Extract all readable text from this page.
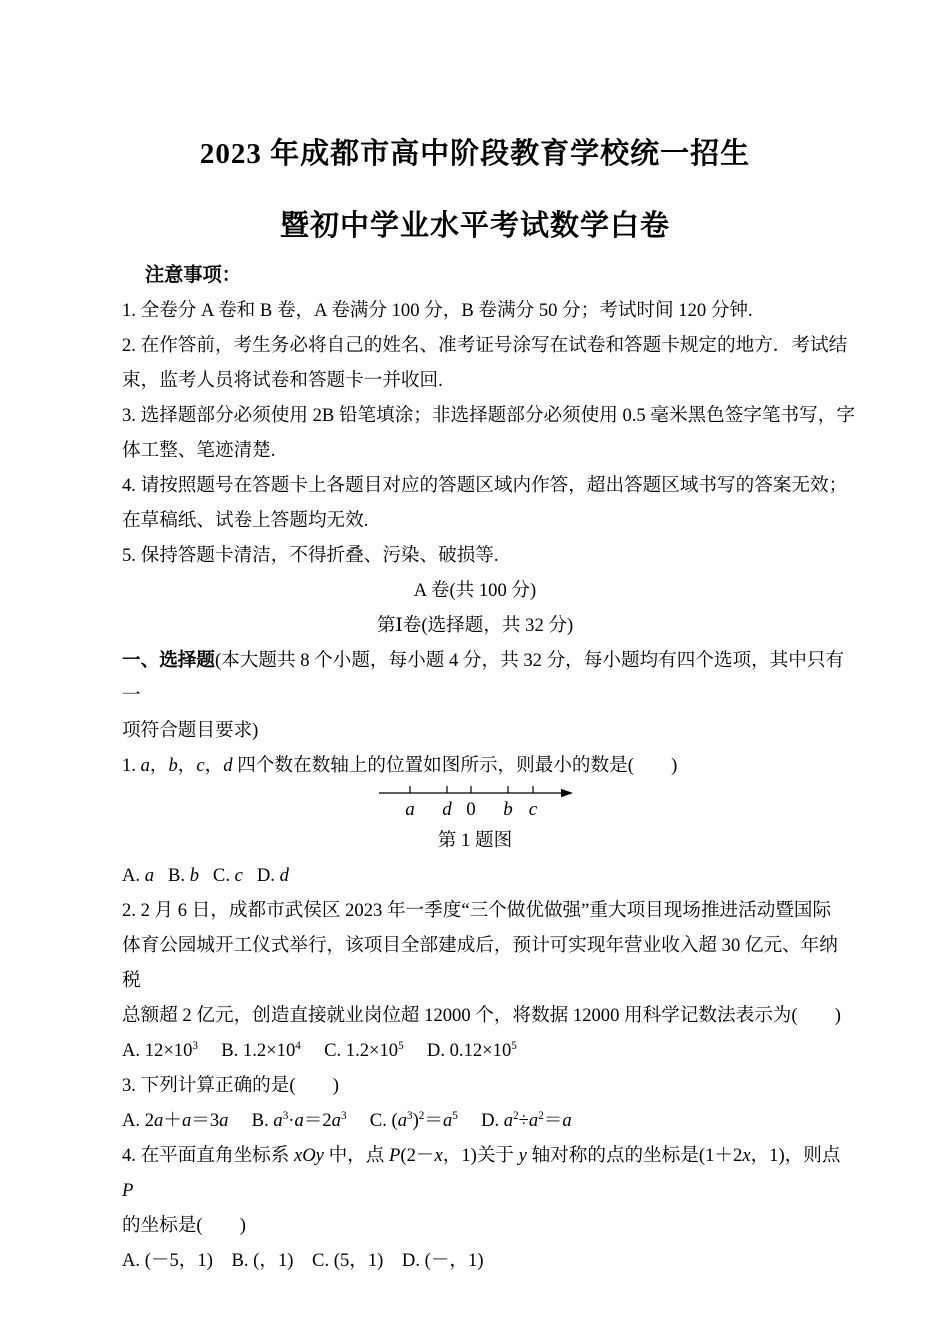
2023 年成都市高中阶段教育学校统一招生
暨初中学业水平考试数学白卷
注意事项：
1. 全卷分 A 卷和 B 卷，A 卷满分 100 分，B 卷满分 50 分；考试时间 120 分钟.
2. 在作答前，考生务必将自己的姓名、准考证号涂写在试卷和答题卡规定的地方．考试结
束，监考人员将试卷和答题卡一并收回.
3. 选择题部分必须使用 2B 铅笔填涂；非选择题部分必须使用 0.5 毫米黑色签字笔书写，字
体工整、笔迹清楚.
4. 请按照题号在答题卡上各题目对应的答题区域内作答，超出答题区域书写的答案无效；
在草稿纸、试卷上答题均无效.
5. 保持答题卡清洁，不得折叠、污染、破损等.
A 卷(共 100 分)
第Ⅰ卷(选择题，共 32 分)
一、选择题(本大题共 8 个小题，每小题 4 分，共 32 分，每小题均有四个选项，其中只有一
项符合题目要求)
1. a，b，c，d 四个数在数轴上的位置如图所示，则最小的数是(　　)
a d 0 b c
第 1 题图
A. a   B. b   C. c   D. d
2. 2 月 6 日，成都市武侯区 2023 年一季度“三个做优做强”重大项目现场推进活动暨国际
体育公园城开工仪式举行，该项目全部建成后，预计可实现年营业收入超 30 亿元、年纳税
总额超 2 亿元，创造直接就业岗位超 12000 个，将数据 12000 用科学记数法表示为(　　)
A. $12\times 10^3$　 B. $1.2\times 10^4$　 C. $1.2\times 10^5$　 D. $0.12\times 10^5$
3. 下列计算正确的是(　　)
A. 2a＋a＝3a　 B. $a^3\cdot a=2a^3$　 C. $(a^3)^2=a^5$　 D. $a^2\div a^2=a$
4. 在平面直角坐标系 xOy 中，点 P(2－x，1)关于 y 轴对称的点的坐标是(1＋2x，1)，则点 P
的坐标是(　　)
A. (－5，1)　B. (，1)　C. (5，1)　D. (－，1)
